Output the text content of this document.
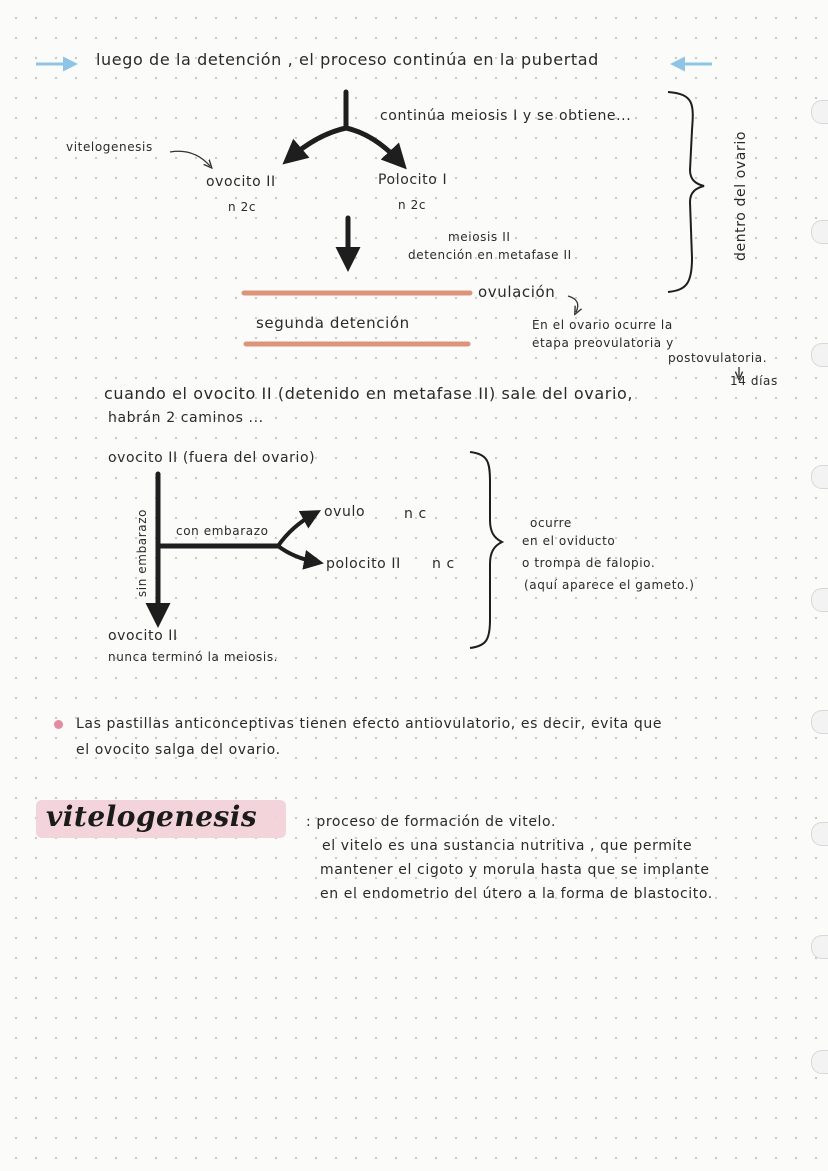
luego de la detención , el proceso continúa en la pubertad
continúa meiosis I y se obtiene...
vitelogenesis
ovocito II
n 2c
Polocito I
n 2c
meiosis II
detención en metafase II
ovulación
segunda detención
dentro del ovario
En el ovario ocurre la
etapa preovulatoria y
postovulatoria.
14 días
cuando el ovocito II (detenido en metafase II) sale del ovario,
habrán 2 caminos ...
ovocito II (fuera del ovario)
sin embarazo con embarazo
ovulo	n c
polocito II n c
ovocito II
nunca terminó la meiosis.
ocurre
en el oviducto
o trompa de falopio.
(aquí aparece el gameto.)
Las pastillas anticonceptivas tienen efecto antiovulatorio, es decir, evita que
el ovocito salga del ovario.
vitelogenesis	: proceso de formación de vitelo.
el vitelo es una sustancia nutritiva , que permite
mantener el cigoto y morula hasta que se implante
en el endometrio del útero a la forma de blastocito.
